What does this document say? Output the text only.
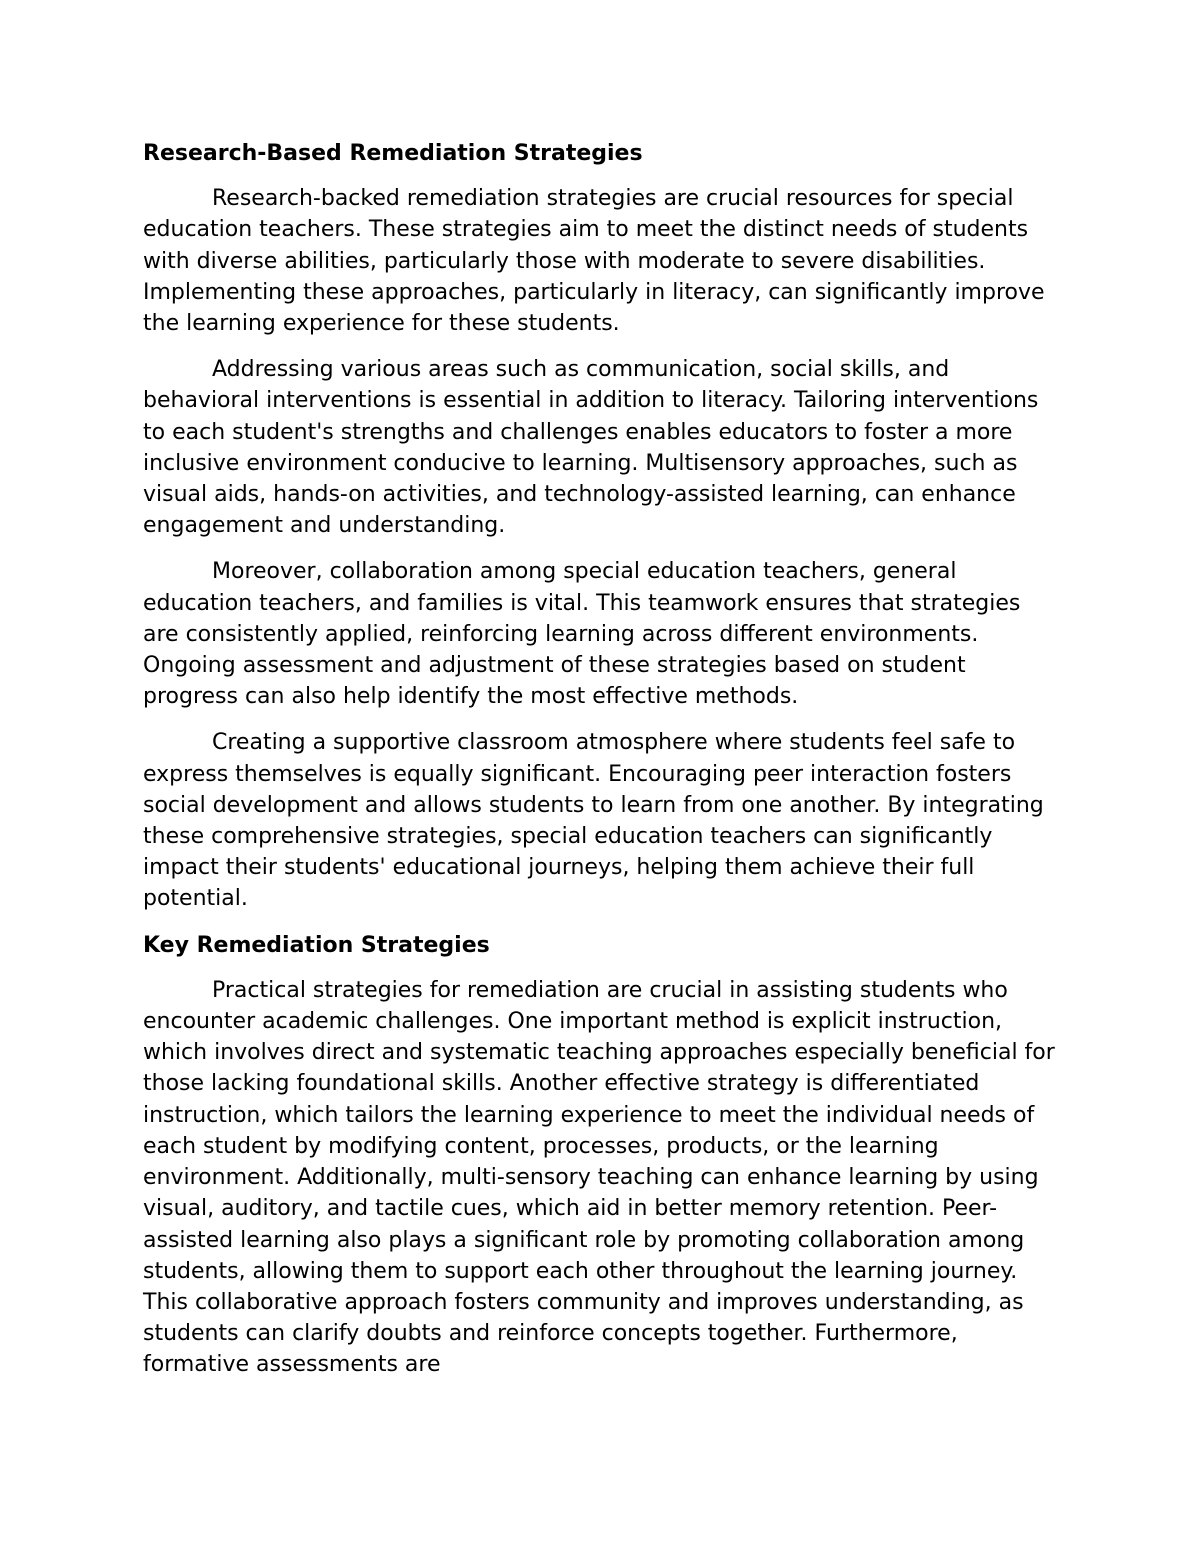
Research-Based Remediation Strategies

Research-backed remediation strategies are crucial resources for special education teachers. These strategies aim to meet the distinct needs of students with diverse abilities, particularly those with moderate to severe disabilities. Implementing these approaches, particularly in literacy, can significantly improve the learning experience for these students.

Addressing various areas such as communication, social skills, and behavioral interventions is essential in addition to literacy. Tailoring interventions to each student's strengths and challenges enables educators to foster a more inclusive environment conducive to learning. Multisensory approaches, such as visual aids, hands-on activities, and technology-assisted learning, can enhance engagement and understanding.

Moreover, collaboration among special education teachers, general education teachers, and families is vital. This teamwork ensures that strategies are consistently applied, reinforcing learning across different environments. Ongoing assessment and adjustment of these strategies based on student progress can also help identify the most effective methods.

Creating a supportive classroom atmosphere where students feel safe to express themselves is equally significant. Encouraging peer interaction fosters social development and allows students to learn from one another. By integrating these comprehensive strategies, special education teachers can significantly impact their students' educational journeys, helping them achieve their full potential.

Key Remediation Strategies

Practical strategies for remediation are crucial in assisting students who encounter academic challenges. One important method is explicit instruction, which involves direct and systematic teaching approaches especially beneficial for those lacking foundational skills. Another effective strategy is differentiated instruction, which tailors the learning experience to meet the individual needs of each student by modifying content, processes, products, or the learning environment. Additionally, multi-sensory teaching can enhance learning by using visual, auditory, and tactile cues, which aid in better memory retention. Peer-assisted learning also plays a significant role by promoting collaboration among students, allowing them to support each other throughout the learning journey. This collaborative approach fosters community and improves understanding, as students can clarify doubts and reinforce concepts together. Furthermore, formative assessments are
